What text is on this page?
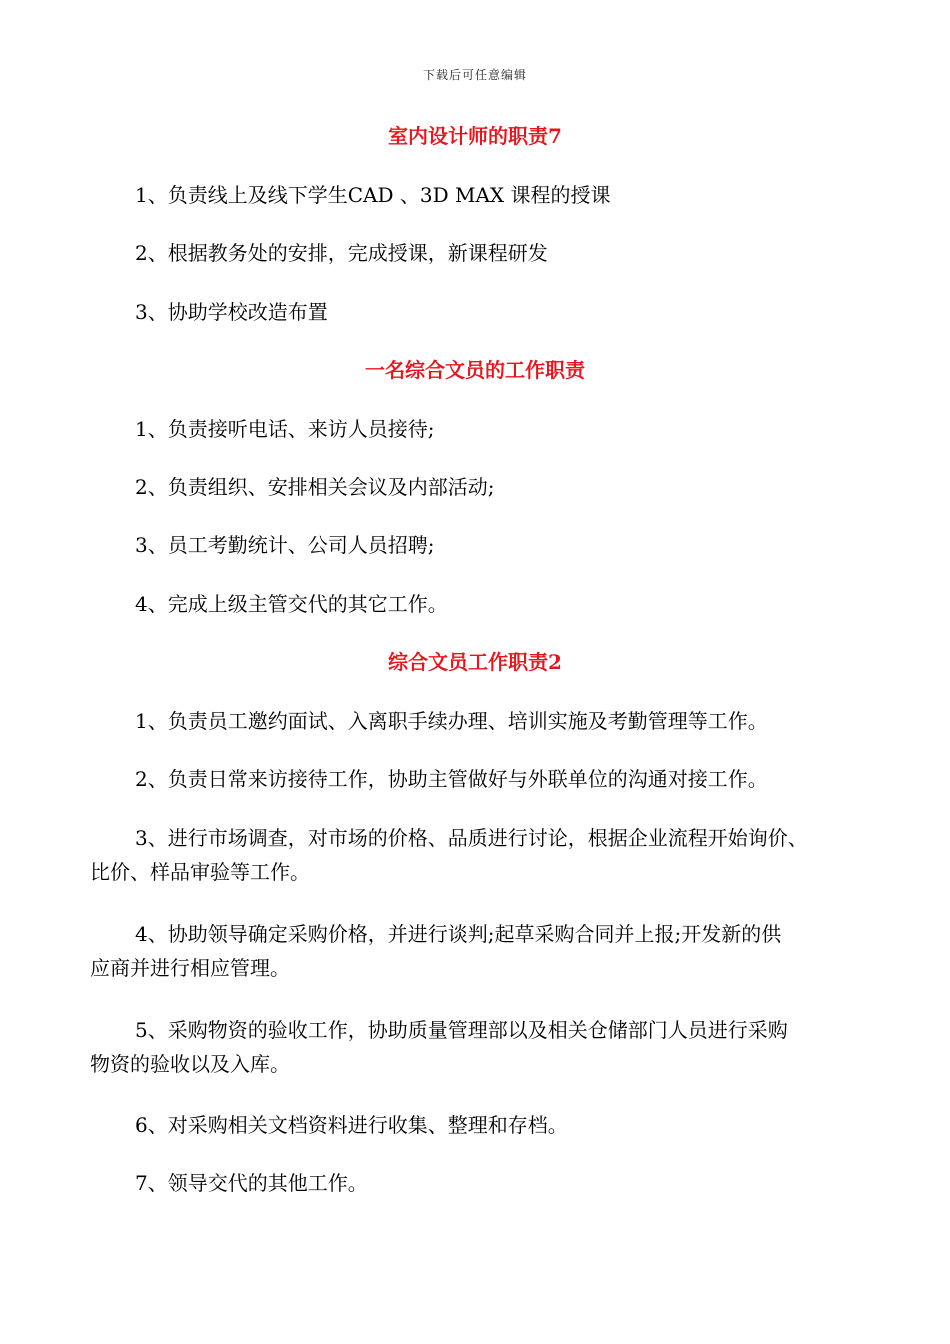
下载后可任意编辑
室内设计师的职责7
1、负责线上及线下学生CAD 、3D MAX 课程的授课
2、根据教务处的安排，完成授课，新课程研发
3、协助学校改造布置
一名综合文员的工作职责
1、负责接听电话、来访人员接待;
2、负责组织、安排相关会议及内部活动;
3、员工考勤统计、公司人员招聘;
4、完成上级主管交代的其它工作。
综合文员工作职责2
1、负责员工邀约面试、入离职手续办理、培训实施及考勤管理等工作。
2、负责日常来访接待工作，协助主管做好与外联单位的沟通对接工作。
3、进行市场调查，对市场的价格、品质进行讨论，根据企业流程开始询价、
比价、样品审验等工作。
4、协助领导确定采购价格，并进行谈判;起草采购合同并上报;开发新的供
应商并进行相应管理。
5、采购物资的验收工作，协助质量管理部以及相关仓储部门人员进行采购
物资的验收以及入库。
6、对采购相关文档资料进行收集、整理和存档。
7、领导交代的其他工作。
